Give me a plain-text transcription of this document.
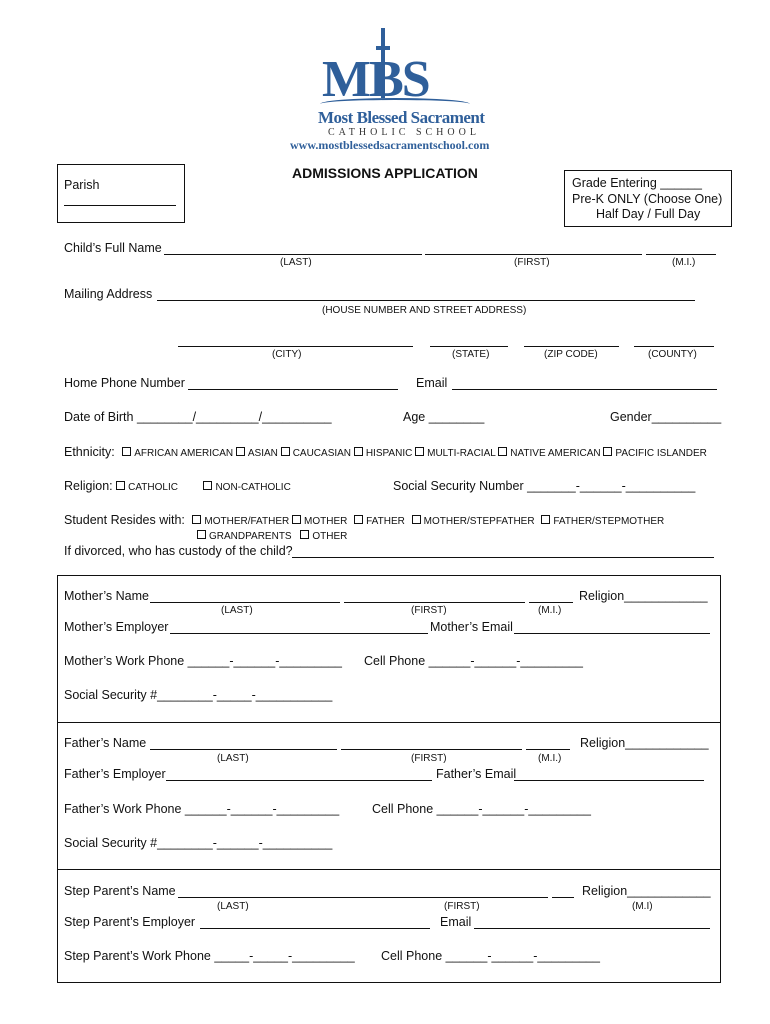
MBS
Most Blessed Sacrament
CATHOLIC SCHOOL
www.mostblessedsacramentschool.com
ADMISSIONS APPLICATION
Parish	Grade Entering ______
Pre-K ONLY (Choose One)
Half Day / Full Day
Child’s Full Name
(LAST)	(FIRST)	(M.I.)
Mailing Address
(HOUSE NUMBER AND STREET ADDRESS)
(CITY)	(STATE)	(ZIP CODE)	(COUNTY)
Home Phone Number	Email
Date of Birth ________/_________/__________	Age ________	Gender__________
Ethnicity: AFRICAN AMERICAN ASIAN CAUCASIAN HISPANIC MULTI-RACIAL NATIVE AMERICAN PACIFIC ISLANDER
Religion: CATHOLIC	NON-CATHOLIC	Social Security Number _______-______-__________
Student Resides with: MOTHER/FATHER MOTHER FATHER MOTHER/STEPFATHER FATHER/STEPMOTHER
GRANDPARENTS OTHER
If divorced, who has custody of the child?
Mother’s Name	Religion____________
(LAST)	(FIRST)	(M.I.)
Mother’s Employer	Mother’s Email
Mother’s Work Phone ______-______-_________ Cell Phone ______-______-_________
Social Security #________-_____-___________
Father’s Name	Religion____________
(LAST)	(FIRST)	(M.I.)
Father’s Employer	Father’s Email
Father’s Work Phone ______-______-_________	Cell Phone ______-______-_________
Social Security #________-______-__________
Step Parent’s Name	Religion____________
(LAST)	(FIRST)	(M.I)
Step Parent’s Employer	Email
Step Parent’s Work Phone _____-_____-_________ Cell Phone ______-______-_________
